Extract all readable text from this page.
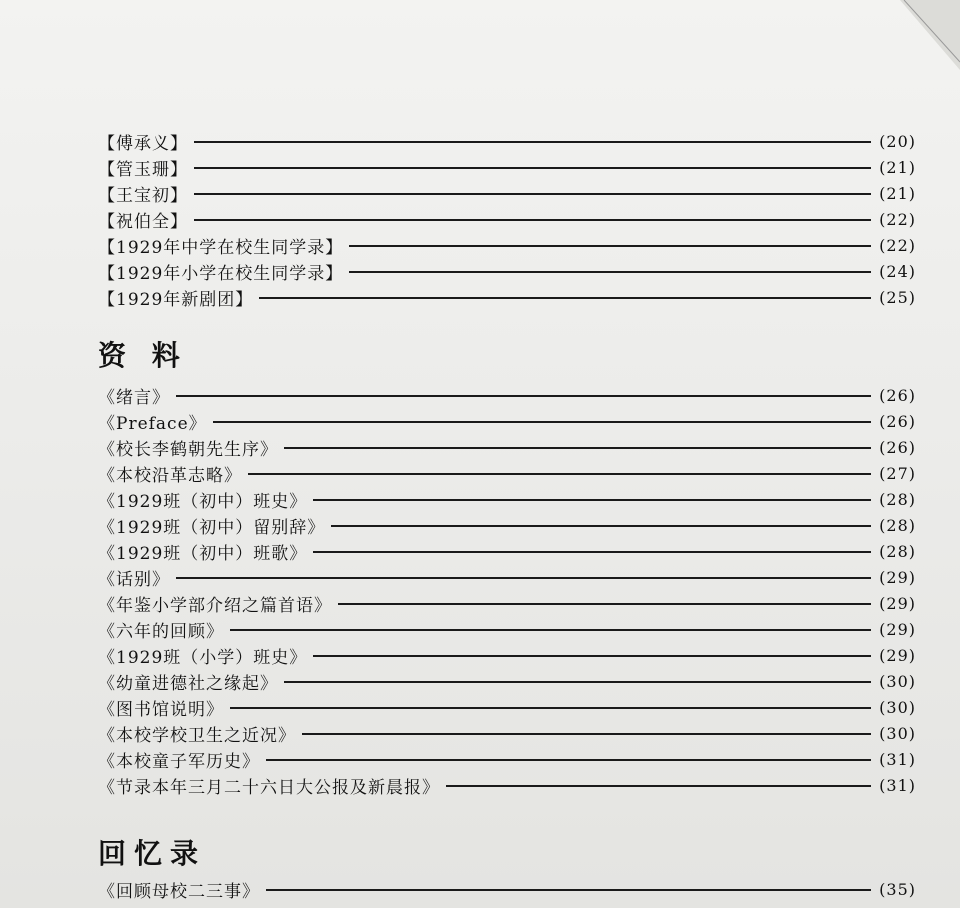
【傅承义】	(20)
【管玉珊】	(21)
【王宝初】	(21)
【祝伯全】	(22)
【1929年中学在校生同学录】	(22)
【1929年小学在校生同学录】	(24)
【1929年新剧团】	(25)
资 料
《绪言》	(26)
《Preface》	(26)
《校长李鹤朝先生序》	(26)
《本校沿革志略》	(27)
《1929班（初中）班史》	(28)
《1929班（初中）留别辞》	(28)
《1929班（初中）班歌》	(28)
《话别》	(29)
《年鉴小学部介绍之篇首语》	(29)
《六年的回顾》	(29)
《1929班（小学）班史》	(29)
《幼童进德社之缘起》	(30)
《图书馆说明》	(30)
《本校学校卫生之近况》	(30)
《本校童子军历史》	(31)
《节录本年三月二十六日大公报及新晨报》	(31)
回忆录
《回顾母校二三事》	(35)
